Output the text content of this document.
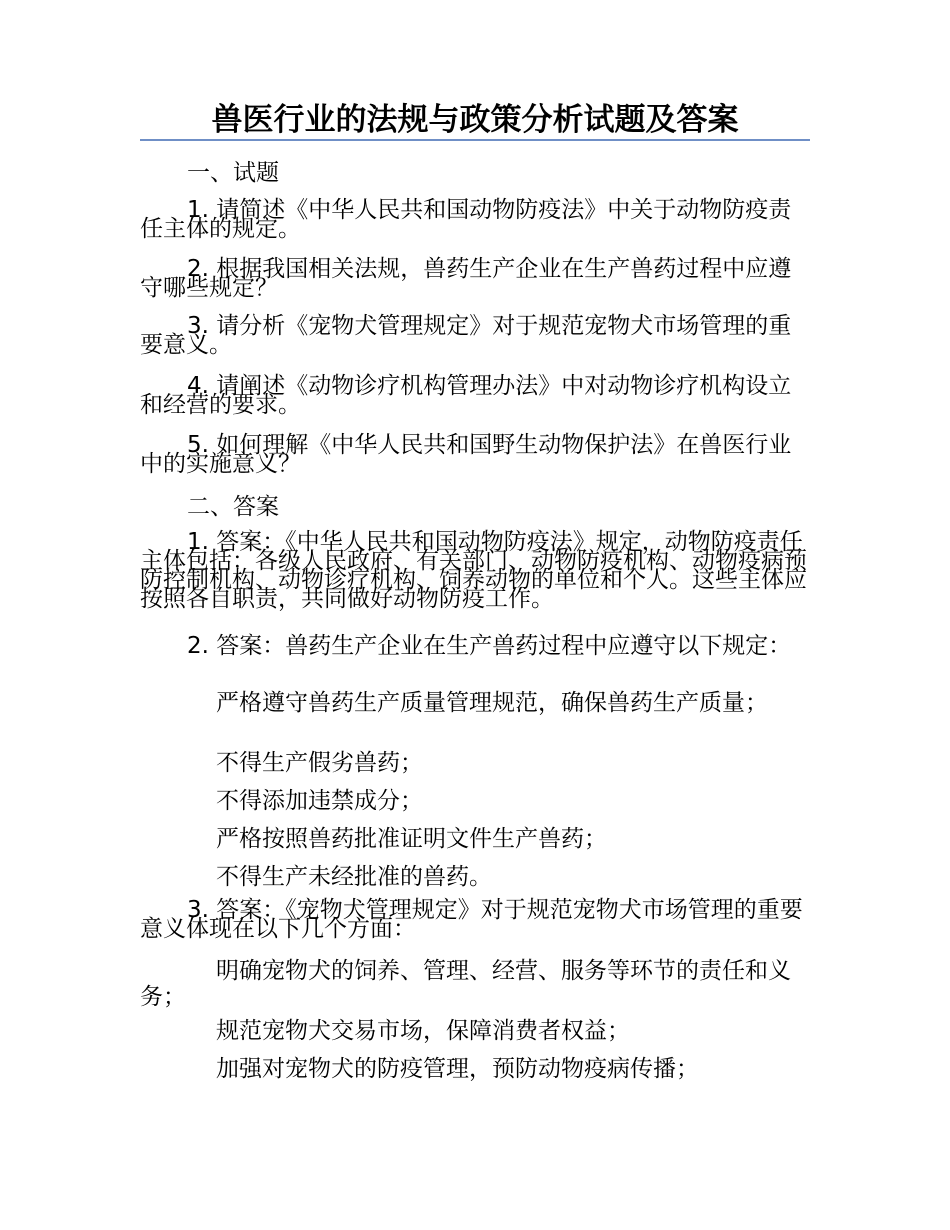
兽医行业的法规与政策分析试题及答案

一、试题

1. 请简述《中华人民共和国动物防疫法》中关于动物防疫责任主体的规定。

2. 根据我国相关法规，兽药生产企业在生产兽药过程中应遵守哪些规定？

3. 请分析《宠物犬管理规定》对于规范宠物犬市场管理的重要意义。

4. 请阐述《动物诊疗机构管理办法》中对动物诊疗机构设立和经营的要求。

5. 如何理解《中华人民共和国野生动物保护法》在兽医行业中的实施意义？

二、答案

1. 答案：《中华人民共和国动物防疫法》规定，动物防疫责任主体包括：各级人民政府、有关部门、动物防疫机构、动物疫病预防控制机构、动物诊疗机构、饲养动物的单位和个人。这些主体应按照各自职责，共同做好动物防疫工作。

2. 答案：兽药生产企业在生产兽药过程中应遵守以下规定：

严格遵守兽药生产质量管理规范，确保兽药生产质量；

不得生产假劣兽药；

不得添加违禁成分；

严格按照兽药批准证明文件生产兽药；

不得生产未经批准的兽药。

3. 答案：《宠物犬管理规定》对于规范宠物犬市场管理的重要意义体现在以下几个方面：

明确宠物犬的饲养、管理、经营、服务等环节的责任和义务；

规范宠物犬交易市场，保障消费者权益；

加强对宠物犬的防疫管理，预防动物疫病传播；
